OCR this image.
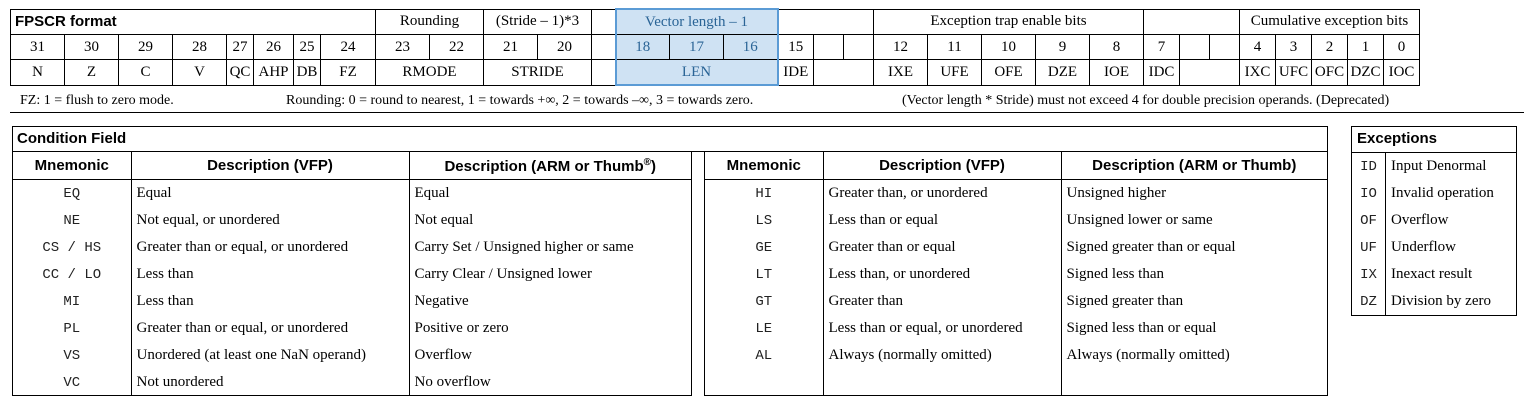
FPSCR format								Rounding		(Stride – 1)*3			Vector length – 1						Exception trap enable bits								Cumulative exception bits				
31	30	29	28	27	26	25	24	23	22	21	20		18	17	16	15			12	11	10	9	8	7			4	3	2	1	0
N	Z	C	V	QC	AHP	DB	FZ	RMODE		STRIDE			LEN			IDE			IXE	UFE	OFE	DZE	IOE	IDC			IXC	UFC	OFC	DZC	IOC
FZ: 1 = flush to zero mode.	Rounding: 0 = round to nearest, 1 = towards +∞, 2 = towards –∞, 3 = towards zero.	(Vector length * Stride) must not exceed 4 for double precision operands. (Deprecated)
Condition Field
Mnemonic	Description (VFP)	Description (ARM or Thumb®)
EQ	Equal	Equal
NE	Not equal, or unordered	Not equal
CS / HS	Greater than or equal, or unordered	Carry Set / Unsigned higher or same
CC / LO	Less than	Carry Clear / Unsigned lower
MI	Less than	Negative
PL	Greater than or equal, or unordered	Positive or zero
VS	Unordered (at least one NaN operand)	Overflow
VC	Not unordered	No overflow
Mnemonic	Description (VFP)	Description (ARM or Thumb)
HI	Greater than, or unordered	Unsigned higher
LS	Less than or equal	Unsigned lower or same
GE	Greater than or equal	Signed greater than or equal
LT	Less than, or unordered	Signed less than
GT	Greater than	Signed greater than
LE	Less than or equal, or unordered	Signed less than or equal
AL	Always (normally omitted)	Always (normally omitted)

Exceptions
ID	Input Denormal
IO	Invalid operation
OF	Overflow
UF	Underflow
IX	Inexact result
DZ	Division by zero
